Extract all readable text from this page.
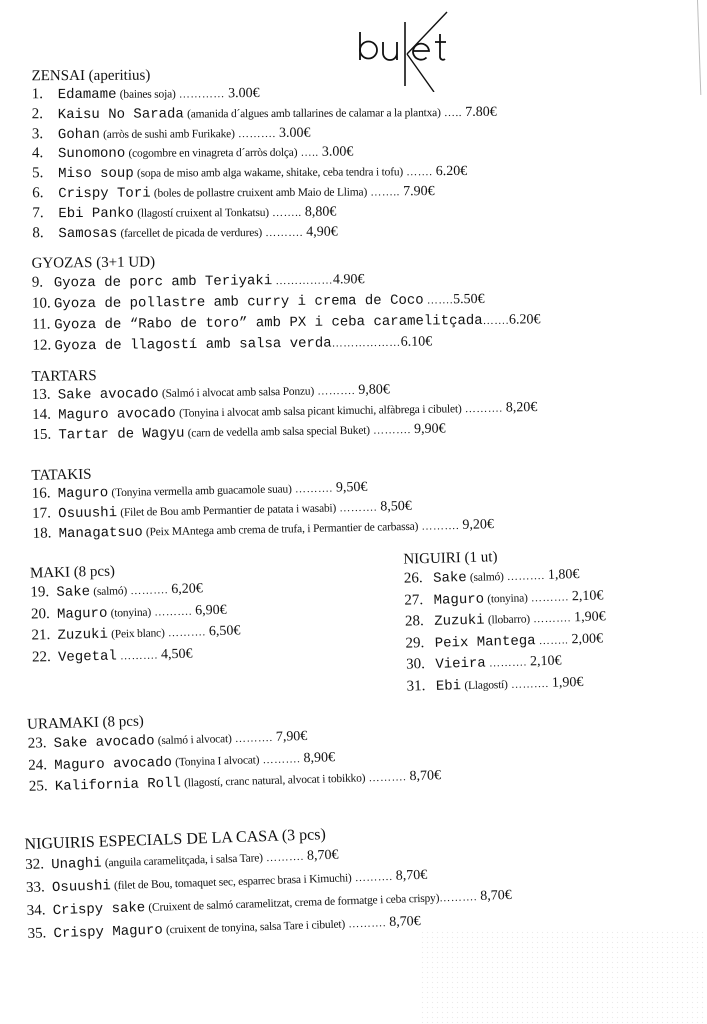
ZENSAI (aperitius)
1. Edamame (baines soja) ………… 3.00€
2. Kaisu No Sarada (amanida d´algues amb tallarines de calamar a la plantxa) ….. 7.80€
3. Gohan (arròs de sushi amb Furikake) ………. 3.00€
4. Sunomono (cogombre en vinagreta d´arròs dolça) ….. 3.00€
5. Miso soup (sopa de miso amb alga wakame, shitake, ceba tendra i tofu) ……. 6.20€
6. Crispy Tori (boles de pollastre cruixent amb Maio de Llima) …….. 7.90€
7. Ebi Panko (llagostí cruixent al Tonkatsu) …….. 8,80€
8. Samosas (farcellet de picada de verdures) ………. 4,90€
GYOZAS (3+1 UD)
9. Gyoza de porc amb Teriyaki ……………4.90€
10. Gyoza de pollastre amb curry i crema de Coco …….5.50€
11. Gyoza de “Rabo de toro” amb PX i ceba caramelitçada…….6.20€
12. Gyoza de llagostí amb salsa verda………………6.10€
TARTARS
13. Sake avocado (Salmó i alvocat amb salsa Ponzu) ………. 9,80€
14. Maguro avocado (Tonyina i alvocat amb salsa picant kimuchi, alfàbrega i cibulet) ………. 8,20€
15. Tartar de Wagyu (carn de vedella amb salsa special Buket) ………. 9,90€
TATAKIS
16. Maguro (Tonyina vermella amb guacamole suau) ………. 9,50€
17. Osuushi (Filet de Bou amb Permantier de patata i wasabi) ………. 8,50€
18. Managatsuo (Peix MAntega amb crema de trufa, i Permantier de carbassa) ………. 9,20€
MAKI (8 pcs)
19. Sake (salmó) ………. 6,20€
20. Maguro (tonyina) ………. 6,90€
21. Zuzuki (Peix blanc) ………. 6,50€
22. Vegetal ………. 4,50€
NIGUIRI (1 ut)
26. Sake (salmó) ………. 1,80€
27. Maguro (tonyina) ………. 2,10€
28. Zuzuki (llobarro) ………. 1,90€
29. Peix Mantega …….. 2,00€
30. Vieira ………. 2,10€
31. Ebi (Llagostí) ………. 1,90€
URAMAKI (8 pcs)
23. Sake avocado (salmó i alvocat) ………. 7,90€
24. Maguro avocado (Tonyina I alvocat) ………. 8,90€
25. Kalifornia Roll (llagostí, cranc natural, alvocat i tobikko) ………. 8,70€
NIGUIRIS ESPECIALS DE LA CASA (3 pcs)
32. Unaghi (anguila caramelitçada, i salsa Tare) ………. 8,70€
33. Osuushi (filet de Bou, tomaquet sec, esparrec brasa i Kimuchi) ………. 8,70€
34. Crispy sake (Cruixent de salmó caramelitzat, crema de formatge i ceba crispy)………. 8,70€
35. Crispy Maguro (cruixent de tonyina, salsa Tare i cibulet) ………. 8,70€
